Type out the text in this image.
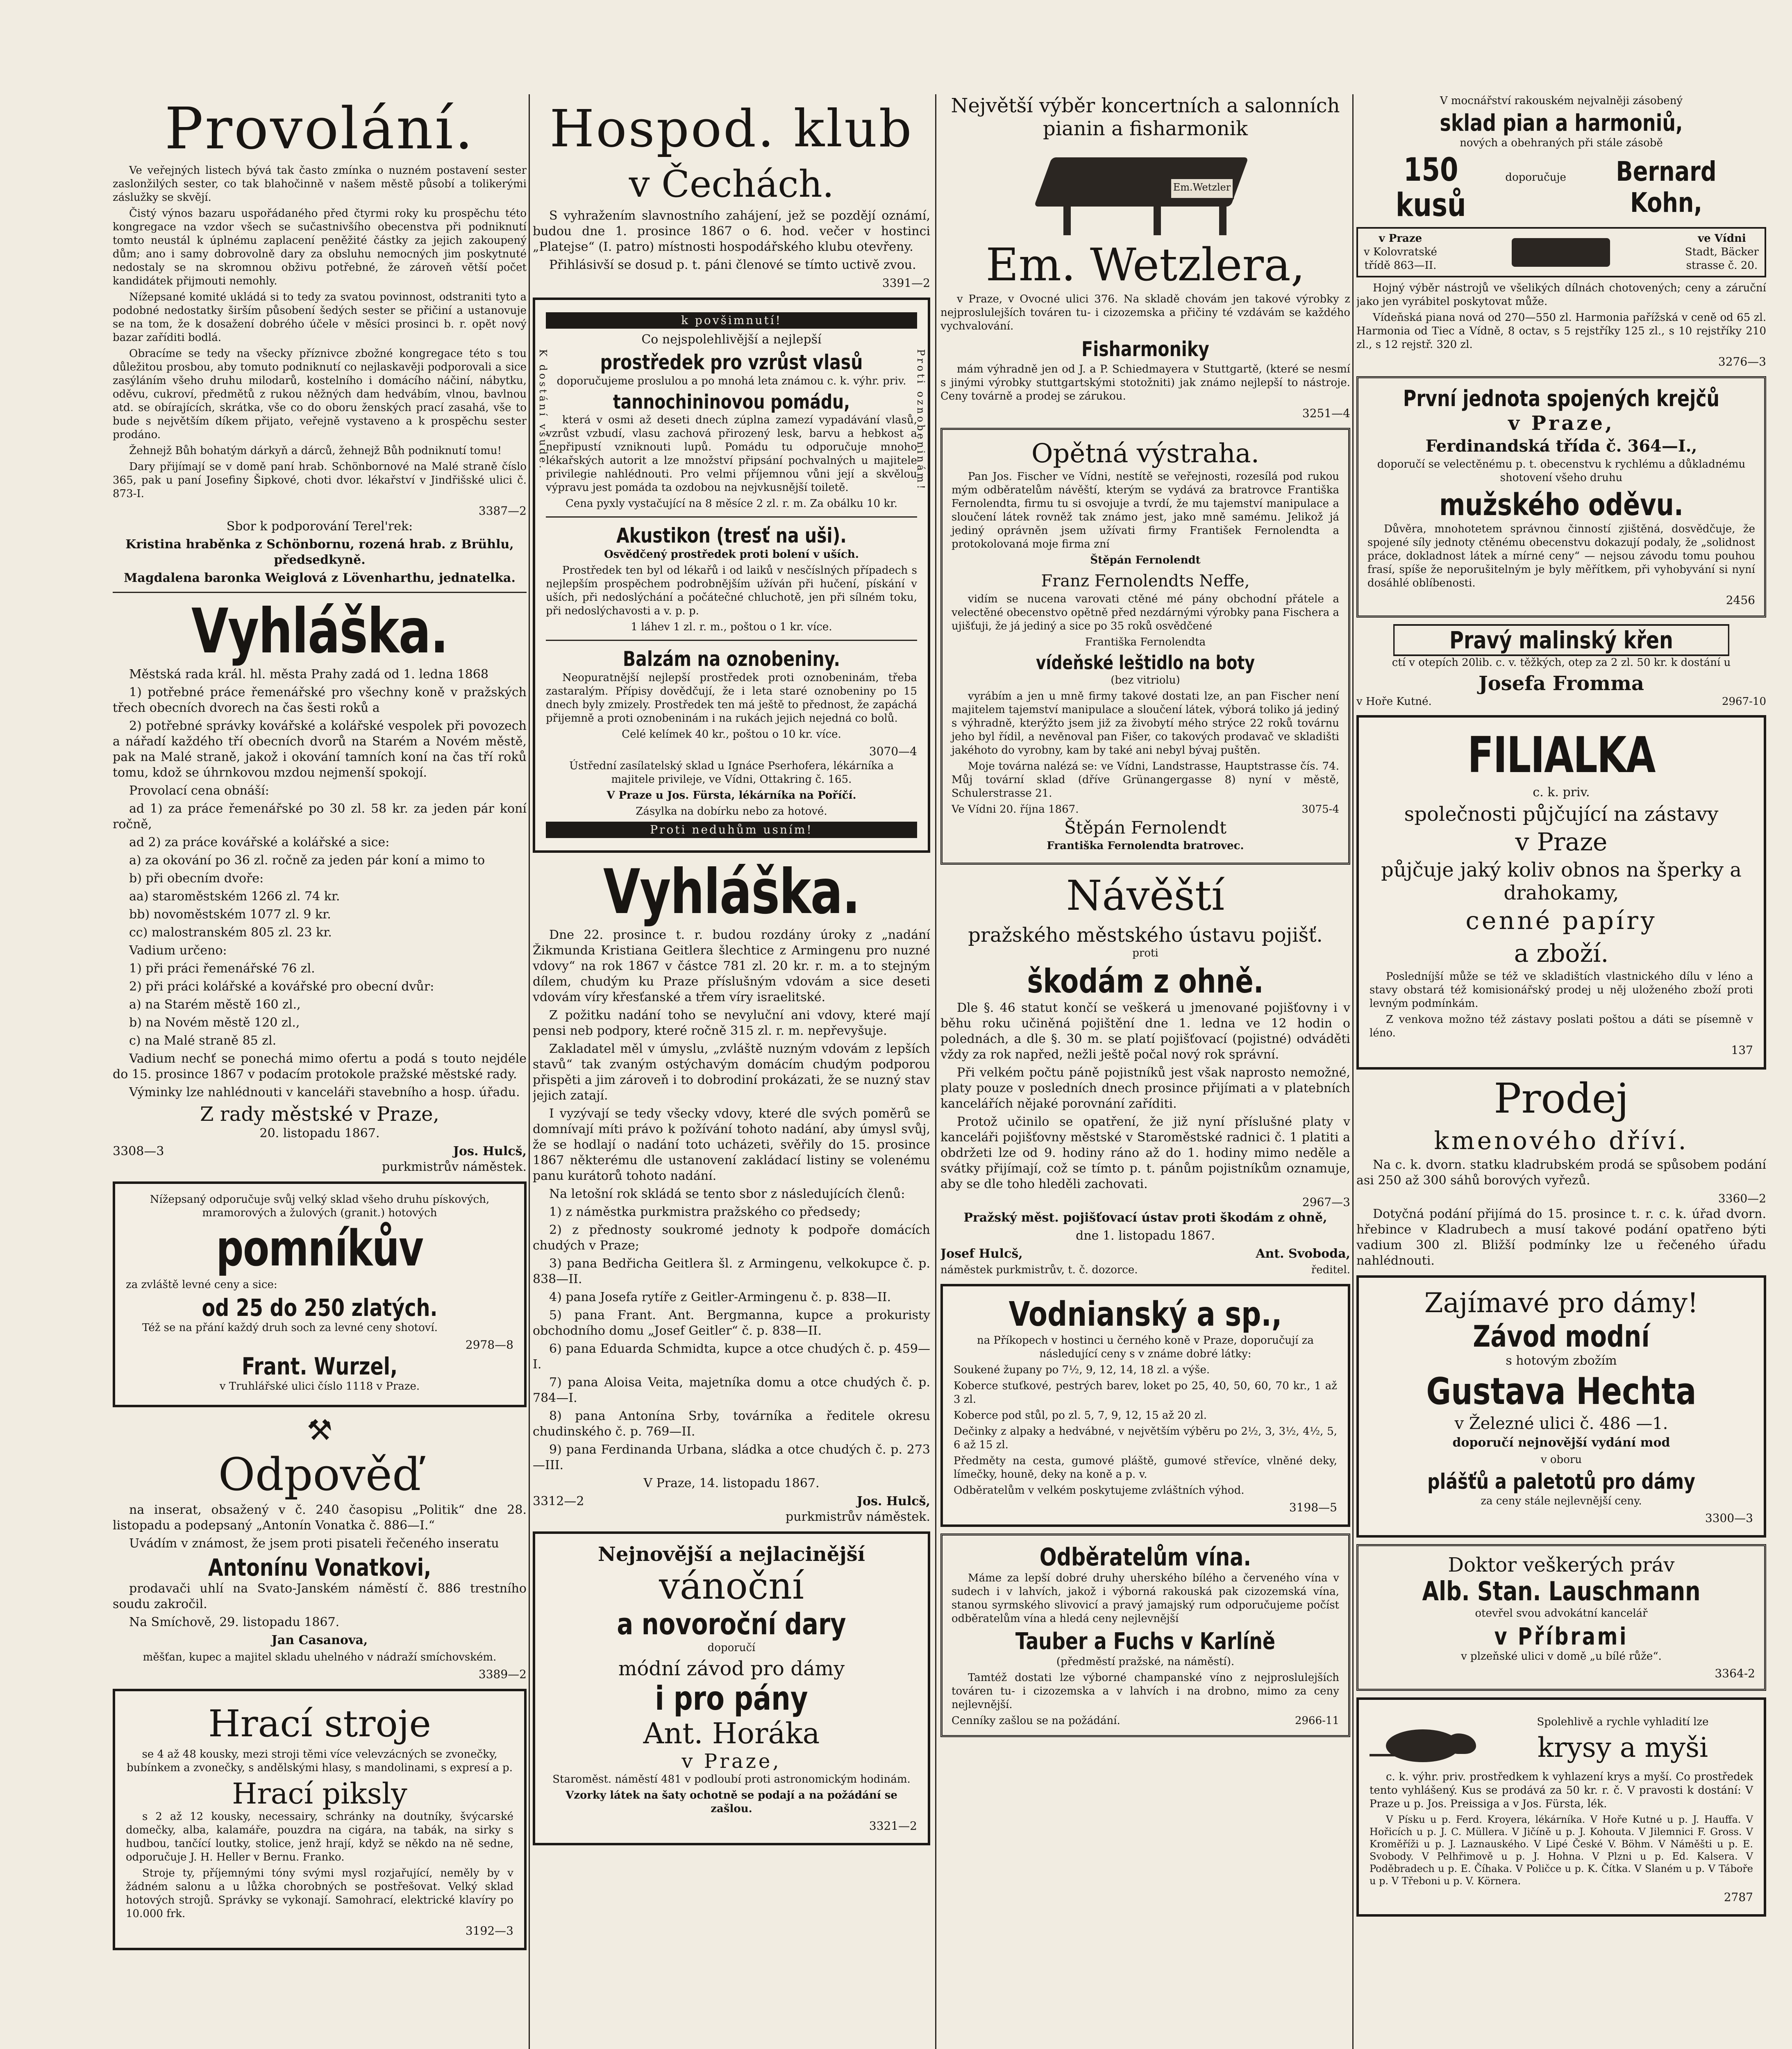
Provolání.

Ve veřejných listech bývá tak často zmínka o nuzném postavení sester zaslonžilých sester, co tak blahočinně v našem městě působí a tolikerými záslužky se skvějí.

Čistý výnos bazaru uspořádaného před čtyrmi roky ku prospěchu této kongregace na vzdor všech se sučastnivšího obecenstva při podniknutí tomto neustál k úplnému zaplacení peněžité částky za jejich zakoupený dům; ano i samy dobrovolně dary za obsluhu nemocných jim poskytnuté nedostaly se na skromnou obživu potřebné, že zároveň větší počet kandidátek přijmouti nemohly.

Nížepsané komité ukládá si to tedy za svatou povinnost, odstraniti tyto a podobné nedostatky širším působení šedých sester se přičiní a ustanovuje se na tom, že k dosažení dobrého účele v měsíci prosinci b. r. opět nový bazar zaříditi bodlá.

Obracíme se tedy na všecky příznivce zbožné kongregace této s tou důležitou prosbou, aby tomuto podniknutí co nejlaskavěji podporovali a sice zasýláním všeho druhu milodarů, kostelního i domácího náčiní, nábytku, oděvu, cukroví, předmětů z rukou něžných dam hedvábím, vlnou, bavlnou atd. se obírajících, skrátka, vše co do oboru ženských prací zasahá, vše to bude s největším díkem přijato, veřejně vystaveno a k prospěchu sester prodáno.

Žehnejž Bůh bohatým dárkyň a dárců, žehnejž Bůh podniknutí tomu!

Dary přijímají se v domě paní hrab. Schönbornové na Malé straně číslo 365, pak u paní Josefiny Šipkové, choti dvor. lékařství v Jindřišské ulici č. 873-I.

3387—2

Sbor k podporování Terel'rek:

Kristina hraběnka z Schönbornu, rozená hrab. z Brühlu, předsedkyně.

Magdalena baronka Weiglová z Lövenharthu, jednatelka.

Vyhláška.

Městská rada král. hl. města Prahy zadá od 1. ledna 1868

1) potřebné práce řemenářské pro všechny koně v pražských třech obecních dvorech na čas šesti roků a

2) potřebné správky kovářské a kolářské vespolek při povozech a nářadí každého tří obecních dvorů na Starém a Novém městě, pak na Malé straně, jakož i okování tamních koní na čas tří roků tomu, kdož se úhrnkovou mzdou nejmenší spokojí.

Provolací cena obnáší:

ad 1) za práce řemenářské po 30 zl. 58 kr. za jeden pár koní ročně,

ad 2) za práce kovářské a kolářské a sice:

a) za okování po 36 zl. ročně za jeden pár koní a mimo to

b) při obecním dvoře:

aa) staroměstském 1266 zl. 74 kr.

bb) novoměstském 1077 zl. 9 kr.

cc) malostranském 805 zl. 23 kr.

Vadium určeno:

1) při práci řemenářské 76 zl.

2) při práci kolářské a kovářské pro obecní dvůr:

a) na Starém městě 160 zl.,

b) na Novém městě 120 zl.,

c) na Malé straně 85 zl.

Vadium nechť se ponechá mimo ofertu a podá s touto nejdéle do 15. prosince 1867 v podacím protokole pražské městské rady.

Výminky lze nahlédnouti v kanceláři stavebního a hosp. úřadu.

Z rady městské v Praze,

20. listopadu 1867.

3308—3	Jos. Hulcš,
purkmistrův náměstek.

Nížepsaný odporučuje svůj velký sklad všeho druhu pískových, mramorových a žulových (granit.) hotových

pomníkův

za zvláště levné ceny a sice:

od 25 do 250 zlatých.

Též se na přání každý druh soch za levné ceny shotoví.

2978—8
Frant. Wurzel,

v Truhlářské ulici číslo 1118 v Praze.

⚒
Odpověď

na inserat, obsažený v č. 240 časopisu „Politik“ dne 28. listopadu a podepsaný „Antonín Vonatka č. 886—I.“

Uvádím v známost, že jsem proti pisateli řečeného inseratu

Antonínu Vonatkovi,

prodavači uhlí na Svato-Janském náměstí č. 886 trestního soudu zakročil.

Na Smíchově, 29. listopadu 1867.

Jan Casanova,

měšťan, kupec a majitel skladu uhelného v nádraží smíchovském.

3389—2
Hrací stroje

se 4 až 48 kousky, mezi stroji těmi více velevzácných se zvonečky, bubínkem a zvonečky, s andělskými hlasy, s mandolinami, s expresí a p.

Hrací piksly

s 2 až 12 kousky, necessairy, schránky na doutníky, švýcarské domečky, alba, kalamáře, pouzdra na cigára, na tabák, na sirky s hudbou, tančící loutky, stolice, jenž hrají, když se někdo na ně sedne, odporučuje J. H. Heller v Bernu. Franko.

Stroje ty, příjemnými tóny svými mysl rozjařující, neměly by v žádném salonu a u lůžka chorobných se postřešovat. Velký sklad hotových strojů. Správky se vykonají. Samohrací, elektrické klavíry po 10.000 frk.

3192—3
Hospod. klub
v Čechách.

S vyhražením slavnostního zahájení, jež se pozdějí oznámí, budou dne 1. prosince 1867 o 6. hod. večer v hostinci „Platejse“ (I. patro) místnosti hospodářského klubu otevřeny.

Přihlásivší se dosud p. t. páni členové se tímto uctivě zvou.

3391—2
k povšimnutí!

Co nejspolehlivější a nejlepší

prostředek pro vzrůst vlasů

doporučujeme proslulou a po mnohá leta známou c. k. výhr. priv.

tannochininovou pomádu,

která v osmi až deseti dnech zúplna zamezí vypadávání vlasů, vzrůst vzbudí, vlasu zachová přirozený lesk, barvu a hebkost a nepřipustí vzniknouti lupů. Pomádu tu odporučuje mnoho lékařských autorit a lze množství připsání pochvalných u majitele privilegie nahlédnouti. Pro velmi příjemnou vůni její a skvělou výpravu jest pomáda ta ozdobou na nejvkusnější toiletě.

Cena pyxly vystačující na 8 měsíce 2 zl. r. m. Za obálku 10 kr.

Akustikon (tresť na uši).

Osvědčený prostředek proti bolení v uších.

Prostředek ten byl od lékařů i od laiků v nesčíslných případech s nejlepším prospěchem podrobnějším užíván při hučení, pískání v uších, při nedoslýchání a počátečné chluchotě, jen při sílném toku, při nedoslýchavosti a v. p. p.

1 láhev 1 zl. r. m., poštou o 1 kr. více.

Balzám na oznobeniny.

Neopuratnější nejlepší prostředek proti oznobeninám, třeba zastaralým. Přípisy dovědčují, že i leta staré oznobeniny po 15 dnech byly zmizely. Prostředek ten má ještě to přednost, že zapáchá přijemně a proti oznobeninám i na rukách jejich nejedná co bolů.

Celé kelímek 40 kr., poštou o 10 kr. více.

3070—4

Ústřední zasílatelský sklad u Ignáce Pserhofera, lékárníka a majitele privileje, ve Vídni, Ottakring č. 165.

V Praze u Jos. Fürsta, lékárníka na Poříčí.

Zásylka na dobírku nebo za hotové.

Proti neduhům usním!
K dostání všude.	Proti oznobeninám!
Vyhláška.

Dne 22. prosince t. r. budou rozdány úroky z „nadání Žikmunda Kristiana Geitlera šlechtice z Armingenu pro nuzné vdovy“ na rok 1867 v částce 781 zl. 20 kr. r. m. a to stejným dílem, chudým ku Praze příslušným vdovám a sice deseti vdovám víry křesťanské a třem víry israelitské.

Z požitku nadání toho se nevyluční ani vdovy, které mají pensi neb podpory, které ročně 315 zl. r. m. nepřevyšuje.

Zakladatel měl v úmyslu, „zvláště nuzným vdovám z lepších stavů“ tak zvaným ostýchavým domácím chudým podporou přispěti a jim zároveň i to dobrodiní prokázati, že se nuzný stav jejich zatají.

I vyzývají se tedy všecky vdovy, které dle svých poměrů se domnívají míti právo k požívání tohoto nadání, aby úmysl svůj, že se hodlají o nadání toto ucházeti, svěřily do 15. prosince 1867 některému dle ustanovení zakládací listiny se volenému panu kurátorů tohoto nadání.

Na letošní rok skládá se tento sbor z následujících členů:

1) z náměstka purkmistra pražského co předsedy;

2) z přednosty soukromé jednoty k podpoře domácích chudých v Praze;

3) pana Bedřicha Geitlera šl. z Armingenu, velkokupce č. p. 838—II.

4) pana Josefa rytíře z Geitler-Armingenu č. p. 838—II.

5) pana Frant. Ant. Bergmanna, kupce a prokuristy obchodního domu „Josef Geitler“ č. p. 838—II.

6) pana Eduarda Schmidta, kupce a otce chudých č. p. 459—I.

7) pana Aloisa Veita, majetníka domu a otce chudých č. p. 784—I.

8) pana Antonína Srby, továrníka a ředitele okresu chudinského č. p. 769—II.

9) pana Ferdinanda Urbana, sládka a otce chudých č. p. 273—III.

V Praze, 14. listopadu 1867.

3312—2	Jos. Hulcš,
purkmistrův náměstek.
Nejnovější a nejlacinější
vánoční
a novoroční dary

doporučí

módní závod pro dámy
i pro pány
Ant. Horáka
v Praze,

Staroměst. náměstí 481 v podloubí proti astronomickým hodinám.

Vzorky látek na šaty ochotně se podají a na požádání se zašlou.

3321—2
Největší výběr koncertních a salonních pianin a fisharmonik
Em.Wetzler
Em. Wetzlera,

v Praze, v Ovocné ulici 376. Na skladě chovám jen takové výrobky z nejproslulejších továren tu- i cizozemska a přičiny té vzdávám se každého vychvalování.

Fisharmoniky

mám výhradně jen od J. a P. Schiedmayera v Stuttgartě, (které se nesmí s jinými výrobky stuttgartskými stotožniti) jak známo nejlepší to nástroje. Ceny továrně a prodej se zárukou.

3251—4
Opětná výstraha.

Pan Jos. Fischer ve Vídni, nestítě se veřejnosti, rozesílá pod rukou mým odběratelům návěští, kterým se vydává za bratrovce Františka Fernolendta, firmu tu si osvojuje a tvrdí, že mu tajemství manipulace a sloučení látek rovněž tak známo jest, jako mně samému. Jelikož já jediný oprávněn jsem užívati firmy František Fernolendta a protokolovaná moje firma zní

Štěpán Fernolendt

Franz Fernolendts Neffe,

vidím se nucena varovati ctěné mé pány obchodní přátele a velectěné obecenstvo opětně před nezdárnými výrobky pana Fischera a ujišťuji, že já jediný a sice po 35 roků osvědčené

Františka Fernolendta

vídeňské leštidlo na boty

(bez vitriolu)

vyrábím a jen u mně firmy takové dostati lze, an pan Fischer není majitelem tajemství manipulace a sloučení látek, výborá toliko já jediný s výhradně, kterýžto jsem již za živobytí mého strýce 22 roků továrnu jeho byl řídil, a nevěnoval pan Fišer, co takových prodavač ve skladišti jakéhoto do vyrobny, kam by také ani nebyl bývaj puštěn.

Moje továrna nalézá se: ve Vídni, Landstrasse, Hauptstrasse čís. 74. Můj tovární sklad (dříve Grünangergasse 8) nyní v městě, Schulerstrasse 21.

Ve Vídni 20. října 1867.	3075-4
Štěpán Fernolendt

Františka Fernolendta bratrovec.

Návěští
pražského městského ústavu pojišť.

proti

škodám z ohně.

Dle §. 46 statut končí se veškerá u jmenované pojišťovny i v běhu roku učiněná pojištění dne 1. ledna ve 12 hodin o polednách, a dle §. 30 m. se platí pojišťovací (pojistné) odváděti vždy za rok napřed, nežli ještě počal nový rok správní.

Při velkém počtu páně pojistníků jest však naprosto nemožné, platy pouze v posledních dnech prosince přijímati a v platebních kancelářích nějaké porovnání zaříditi.

Protož učinilo se opatření, že již nyní příslušné platy v kanceláři pojišťovny městské v Staroměstské radnici č. 1 platiti a obdržeti lze od 9. hodiny ráno až do 1. hodiny mimo neděle a svátky přijímají, což se tímto p. t. pánům pojistníkům oznamuje, aby se dle toho hleděli zachovati.

2967—3

Pražský měst. pojišťovací ústav proti škodám z ohně,

dne 1. listopadu 1867.

Josef Hulcš,
náměstek purkmistrův, t. č. dozorce.
Ant. Svoboda,
ředitel.
Vodnianský a sp.,

na Příkopech v hostinci u černého koně v Praze, doporučují za následující ceny s v známe dobré látky:

Soukené župany po 7½, 9, 12, 14, 18 zl. a výše.

Koberce stuťkové, pestrých barev, loket po 25, 40, 50, 60, 70 kr., 1 až 3 zl.

Koberce pod stůl, po zl. 5, 7, 9, 12, 15 až 20 zl.

Dečinky z alpaky a hedvábné, v největším výběru po 2½, 3, 3½, 4½, 5, 6 až 15 zl.

Předměty na cesta, gumové pláště, gumové střevíce, vlněné deky, límečky, houně, deky na koně a p. v.

Odběratelům v velkém poskytujeme zvláštních výhod.

3198—5
Odběratelům vína.

Máme za lepší dobré druhy uherského bílého a červeného vína v sudech i v lahvích, jakož i výborná rakouská pak cizozemská vína, stanou syrmského slivovicí a pravý jamajský rum odporučujeme počíst odběratelům vína a hledá ceny nejlevnější

Tauber a Fuchs v Karlíně

(předměstí pražské, na náměstí).

Tamtéž dostati lze výborné champanské víno z nejproslulejších továren tu- i cizozemska a v lahvích i na drobno, mimo za ceny nejlevnější.

Cenníky zašlou se na požádání.	2966-11

V mocnářství rakouském nejvalněji zásobený

sklad pian a harmoniů,

nových a obehraných při stále zásobě

150 kusů
doporučuje	Bernard Kohn,
v Praze
v Kolovratské
třídě 863—II.
ve Vídni
Stadt, Bäcker
strasse č. 20.

Hojný výběr nástrojů ve všelikých dílnách chotovených; ceny a záruční jako jen vyrábitel poskytovat může.

Vídeňská piana nová od 270—550 zl. Harmonia pařížská v ceně od 65 zl. Harmonia od Tiec a Vídně, 8 octav, s 5 rejstříky 125 zl., s 10 rejstříky 210 zl., s 12 rejstř. 320 zl.

3276—3
První jednota spojených krejčů
v Praze,
Ferdinandská třída č. 364—I.,

doporučí se velectěnému p. t. obecenstvu k rychlému a důkladnému shotovení všeho druhu

mužského oděvu.

Důvěra, mnohotetem správnou činností zjištěná, dosvědčuje, že spojené síly jednoty ctěnému obecenstvu dokazují podaly, že „solidnost práce, dokladnost látek a mírné ceny“ — nejsou závodu tomu pouhou frasí, spíše že neporušitelným je byly měřítkem, při vyhobyvání si nyní dosáhlé oblíbenosti.

2456
Pravý malinský křen

ctí v otepích 20lib. c. v. těžkých, otep za 2 zl. 50 kr. k dostání u

Josefa Fromma
v Hoře Kutné.	2967-10
FILIALKA

c. k. priv.

společnosti půjčující na zástavy
v Praze
půjčuje jaký koliv obnos na šperky a drahokamy,
cenné papíry
a zboží.

Posledníjší může se též ve skladištích vlastnického dílu v léno a stavy obstará též komisionářský prodej u něj uloženého zboží proti levným podmínkám.

Z venkova možno též zástavy poslati poštou a dáti se písemně v léno.

137
Prodej
kmenového dříví.

Na c. k. dvorn. statku kladrubském prodá se spůsobem podání asi 250 až 300 sáhů borových vyřezů.

3360—2

Dotyčná podání přijímá do 15. prosince t. r. c. k. úřad dvorn. hřebince v Kladrubech a musí takové podání opatřeno býti vadium 300 zl. Bližší podmínky lze u řečeného úřadu nahlédnouti.

Zajímavé pro dámy!
Závod modní

s hotovým zbožím

Gustava Hechta
v Železné ulici č. 486 —1.

doporučí nejnovější vydání mod

v oboru

plášťů a paletotů pro dámy

za ceny stále nejlevnější ceny.

3300—3
Doktor veškerých práv
Alb. Stan. Lauschmann

otevřel svou advokátní kancelář

v Příbrami

v plzeňské ulici v domě „u bílé růže“.

3364-2

Spolehlivě a rychle vyhladití lze

krysy a myši

c. k. výhr. priv. prostředkem k vyhlazení krys a myší. Co prostředek tento vyhlášený. Kus se prodává za 50 kr. r. č. V pravosti k dostání: V Praze u p. Jos. Preissiga a v Jos. Fürsta, lék.

V Písku u p. Ferd. Kroyera, lékárníka. V Hoře Kutné u p. J. Hauffa. V Hořicích u p. J. C. Müllera. V Jičíně u p. J. Kohouta. V Jilemnici F. Gross. V Kroměříži u p. J. Laznauského. V Lipé České V. Böhm. V Náměšti u p. E. Svobody. V Pelhřimově u p. J. Hohna. V Plzni u p. Ed. Kalsera. V Poděbradech u p. E. Číhaka. V Poličce u p. K. Čítka. V Slaném u p. V Táboře u p. V Třeboni u p. V. Körnera.

2787
